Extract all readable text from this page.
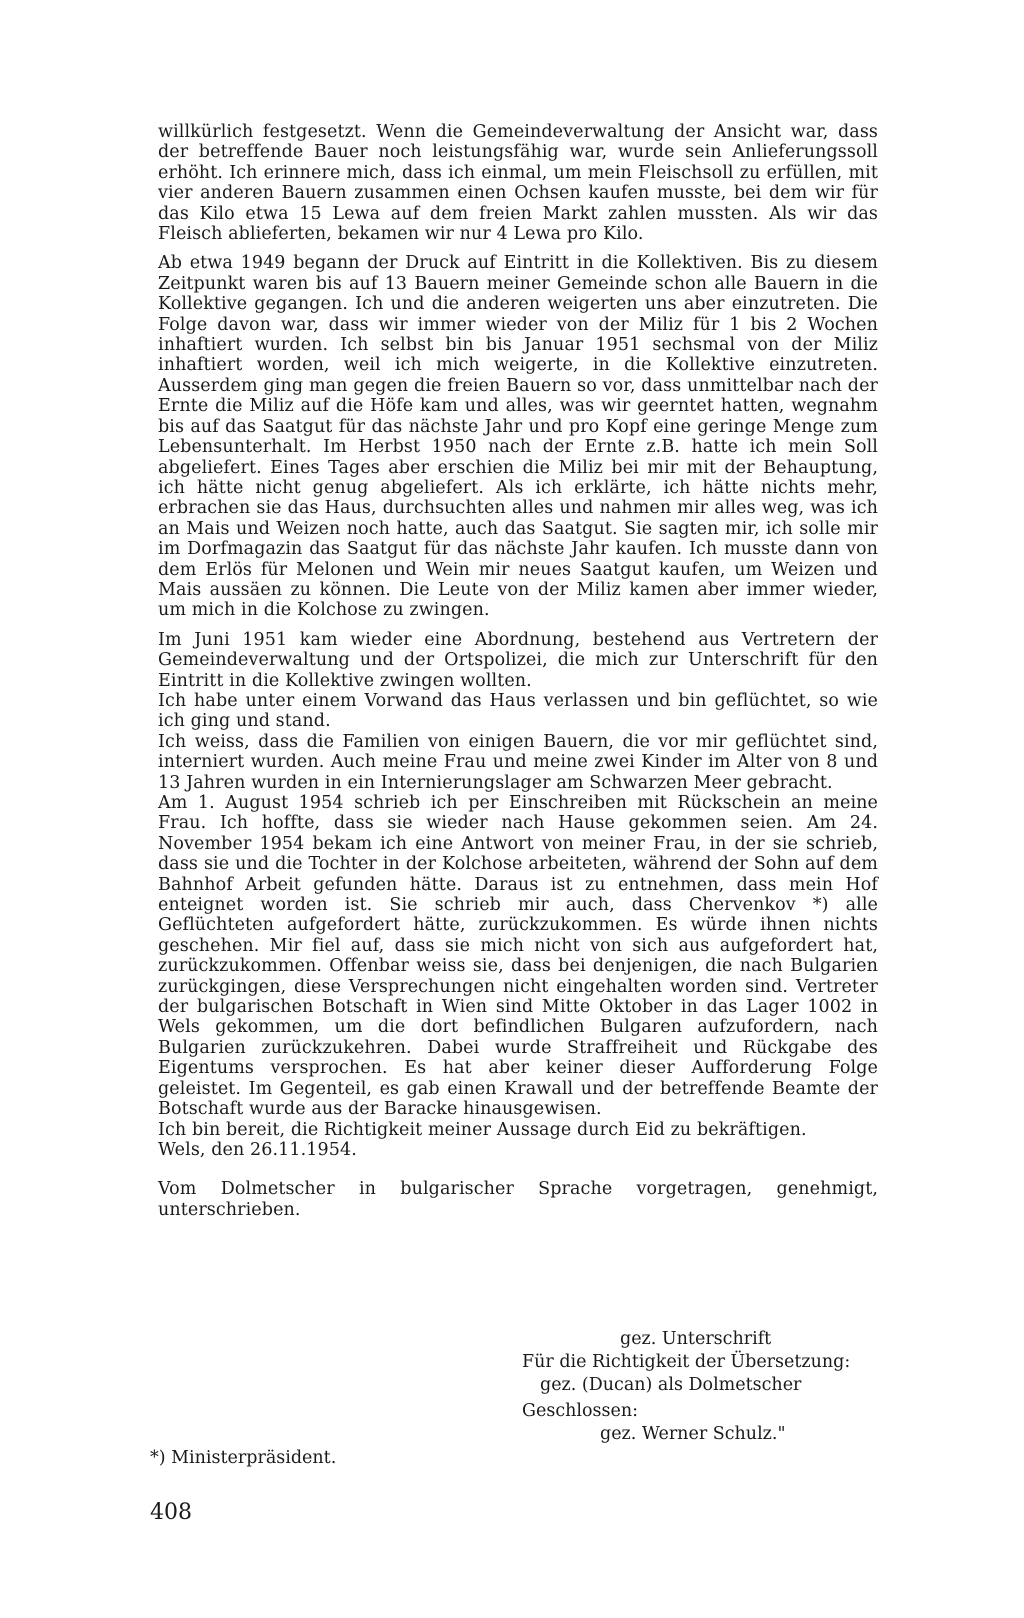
willkürlich festgesetzt. Wenn die Gemeindeverwaltung der Ansicht war, dass der betreffende Bauer noch leistungsfähig war, wurde sein Anlieferungssoll erhöht. Ich erinnere mich, dass ich einmal, um mein Fleischsoll zu erfüllen, mit vier anderen Bauern zusammen einen Ochsen kaufen musste, bei dem wir für das Kilo etwa 15 Lewa auf dem freien Markt zahlen mussten. Als wir das Fleisch ablieferten, bekamen wir nur 4 Lewa pro Kilo.

Ab etwa 1949 begann der Druck auf Eintritt in die Kollektiven. Bis zu diesem Zeitpunkt waren bis auf 13 Bauern meiner Gemeinde schon alle Bauern in die Kollektive gegangen. Ich und die anderen weigerten uns aber einzutreten. Die Folge davon war, dass wir immer wieder von der Miliz für 1 bis 2 Wochen inhaftiert wurden. Ich selbst bin bis Januar 1951 sechsmal von der Miliz inhaftiert worden, weil ich mich weigerte, in die Kollektive einzutreten. Ausserdem ging man gegen die freien Bauern so vor, dass unmittelbar nach der Ernte die Miliz auf die Höfe kam und alles, was wir geerntet hatten, wegnahm bis auf das Saatgut für das nächste Jahr und pro Kopf eine geringe Menge zum Lebensunterhalt. Im Herbst 1950 nach der Ernte z.B. hatte ich mein Soll abgeliefert. Eines Tages aber erschien die Miliz bei mir mit der Behauptung, ich hätte nicht genug abgeliefert. Als ich erklärte, ich hätte nichts mehr, erbrachen sie das Haus, durchsuchten alles und nahmen mir alles weg, was ich an Mais und Weizen noch hatte, auch das Saatgut. Sie sagten mir, ich solle mir im Dorfmagazin das Saatgut für das nächste Jahr kaufen. Ich musste dann von dem Erlös für Melonen und Wein mir neues Saatgut kaufen, um Weizen und Mais aussäen zu können. Die Leute von der Miliz kamen aber immer wieder, um mich in die Kolchose zu zwingen.

Im Juni 1951 kam wieder eine Abordnung, bestehend aus Vertretern der Gemeindeverwaltung und der Ortspolizei, die mich zur Unterschrift für den Eintritt in die Kollektive zwingen wollten.

Ich habe unter einem Vorwand das Haus verlassen und bin geflüchtet, so wie ich ging und stand.

Ich weiss, dass die Familien von einigen Bauern, die vor mir geflüchtet sind, interniert wurden. Auch meine Frau und meine zwei Kinder im Alter von 8 und 13 Jahren wurden in ein Internierungslager am Schwarzen Meer gebracht.

Am 1. August 1954 schrieb ich per Einschreiben mit Rückschein an meine Frau. Ich hoffte, dass sie wieder nach Hause gekommen seien. Am 24. November 1954 bekam ich eine Antwort von meiner Frau, in der sie schrieb, dass sie und die Tochter in der Kolchose arbeiteten, während der Sohn auf dem Bahnhof Arbeit gefunden hätte. Daraus ist zu entnehmen, dass mein Hof enteignet worden ist. Sie schrieb mir auch, dass Chervenkov *) alle Geflüchteten aufgefordert hätte, zurückzukommen. Es würde ihnen nichts geschehen. Mir fiel auf, dass sie mich nicht von sich aus aufgefordert hat, zurückzukommen. Offenbar weiss sie, dass bei denjenigen, die nach Bulgarien zurückgingen, diese Versprechungen nicht eingehalten worden sind. Vertreter der bulgarischen Botschaft in Wien sind Mitte Oktober in das Lager 1002 in Wels gekommen, um die dort befindlichen Bulgaren aufzufordern, nach Bulgarien zurückzukehren. Dabei wurde Straffreiheit und Rückgabe des Eigentums versprochen. Es hat aber keiner dieser Aufforderung Folge geleistet. Im Gegenteil, es gab einen Krawall und der betreffende Beamte der Botschaft wurde aus der Baracke hinausgewisen.

Ich bin bereit, die Richtigkeit meiner Aussage durch Eid zu bekräftigen.

Wels, den 26.11.1954.

Vom Dolmetscher in bulgarischer Sprache vorgetragen, genehmigt, unterschrieben.

gez. Unterschrift
Für die Richtigkeit der Übersetzung:
gez. (Ducan) als Dolmetscher
Geschlossen:
gez. Werner Schulz."
*) Ministerpräsident.
408
